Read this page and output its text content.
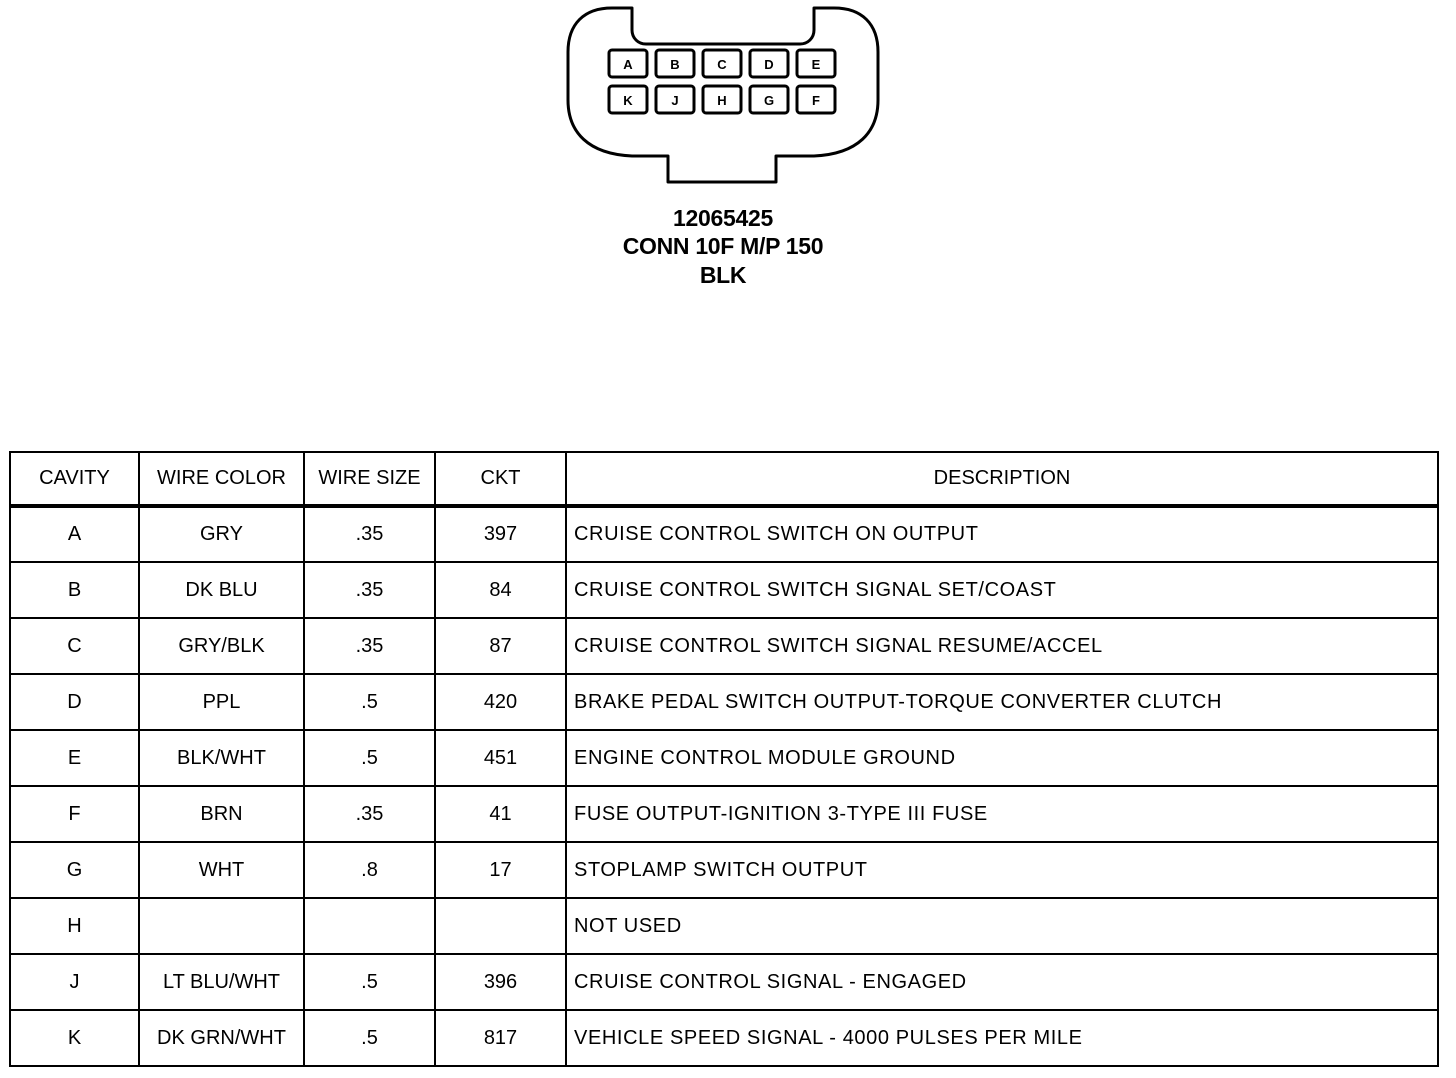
A	B	C	D	E
K	J	H	G	F
12065425
CONN 10F M/P 150
BLK
CAVITY	WIRE COLOR	WIRE SIZE	CKT	DESCRIPTION
A	GRY	.35	397	CRUISE CONTROL SWITCH ON OUTPUT
B	DK BLU	.35	84	CRUISE CONTROL SWITCH SIGNAL SET/COAST
C	GRY/BLK	.35	87	CRUISE CONTROL SWITCH SIGNAL RESUME/ACCEL
D	PPL	.5	420	BRAKE PEDAL SWITCH OUTPUT-TORQUE CONVERTER CLUTCH
E	BLK/WHT	.5	451	ENGINE CONTROL MODULE GROUND
F	BRN	.35	41	FUSE OUTPUT-IGNITION 3-TYPE III FUSE
G	WHT	.8	17	STOPLAMP SWITCH OUTPUT
H				NOT USED
J	LT BLU/WHT	.5	396	CRUISE CONTROL SIGNAL - ENGAGED
K	DK GRN/WHT	.5	817	VEHICLE SPEED SIGNAL - 4000 PULSES PER MILE
